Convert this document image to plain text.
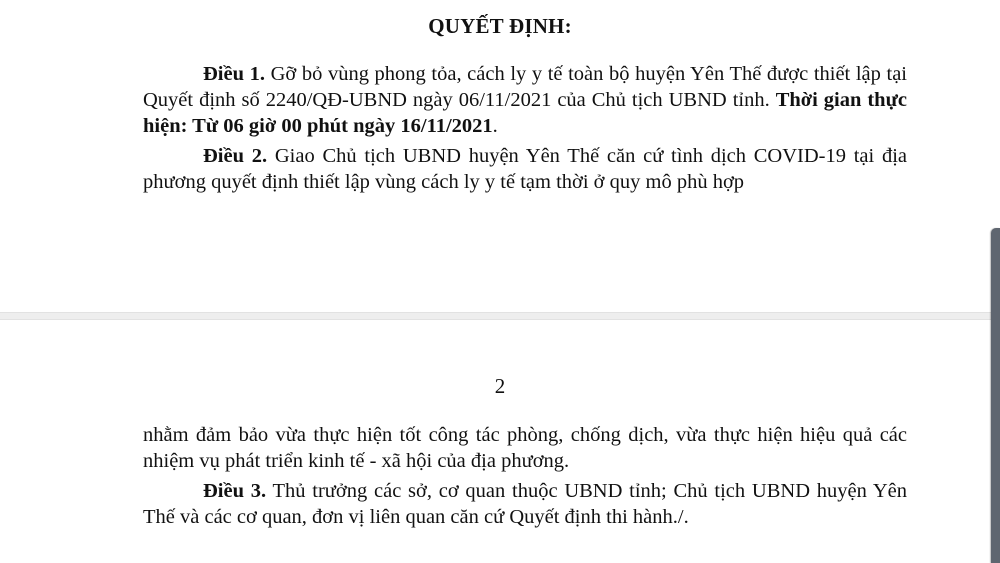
QUYẾT ĐỊNH:

Điều 1. Gỡ bỏ vùng phong tỏa, cách ly y tế toàn bộ huyện Yên Thế được thiết lập tại Quyết định số 2240/QĐ-UBND ngày 06/11/2021 của Chủ tịch UBND tỉnh. Thời gian thực hiện: Từ 06 giờ 00 phút ngày 16/11/2021.

Điều 2. Giao Chủ tịch UBND huyện Yên Thế căn cứ tình dịch COVID-19 tại địa phương quyết định thiết lập vùng cách ly y tế tạm thời ở quy mô phù hợp

2

nhằm đảm bảo vừa thực hiện tốt công tác phòng, chống dịch, vừa thực hiện hiệu quả các nhiệm vụ phát triển kinh tế - xã hội của địa phương.

Điều 3. Thủ trưởng các sở, cơ quan thuộc UBND tỉnh; Chủ tịch UBND huyện Yên Thế và các cơ quan, đơn vị liên quan căn cứ Quyết định thi hành./.
